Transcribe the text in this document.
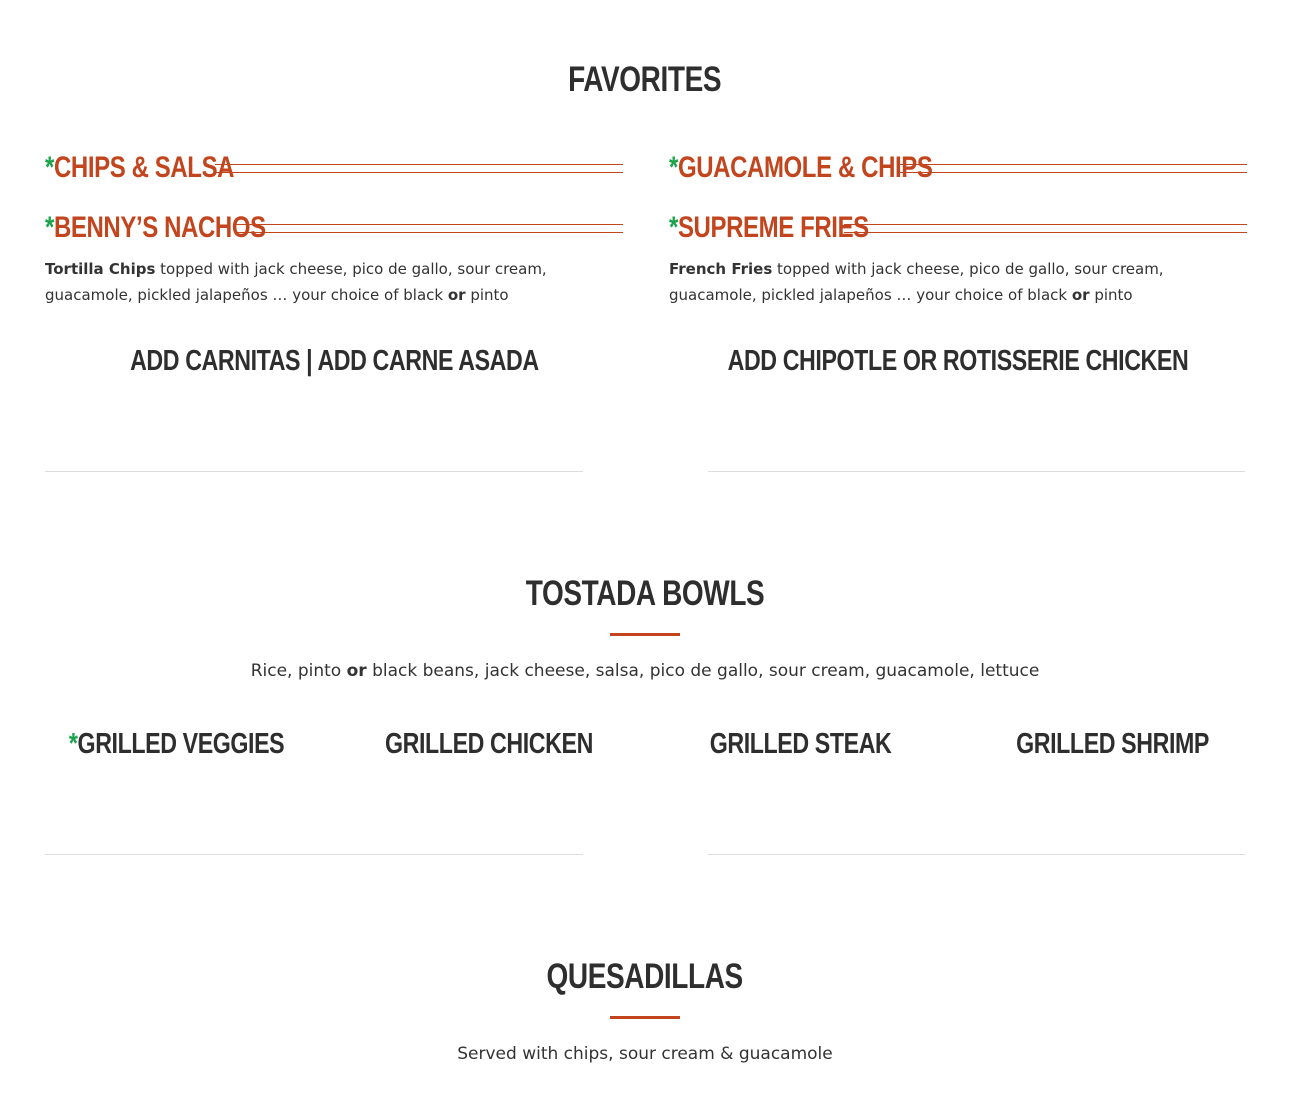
FAVORITES
*CHIPS & SALSA	*GUACAMOLE & CHIPS
*BENNY’S NACHOS
Tortilla Chips topped with jack cheese, pico de gallo, sour cream, guacamole, pickled jalapeños … your choice of black or pinto
*SUPREME FRIES
French Fries topped with jack cheese, pico de gallo, sour cream, guacamole, pickled jalapeños … your choice of black or pinto
ADD CARNITAS | ADD CARNE ASADA	ADD CHIPOTLE OR ROTISSERIE CHICKEN
TOSTADA BOWLS
Rice, pinto or black beans, jack cheese, salsa, pico de gallo, sour cream, guacamole, lettuce
*GRILLED VEGGIES	GRILLED CHICKEN	GRILLED STEAK	GRILLED SHRIMP
QUESADILLAS
Served with chips, sour cream & guacamole
